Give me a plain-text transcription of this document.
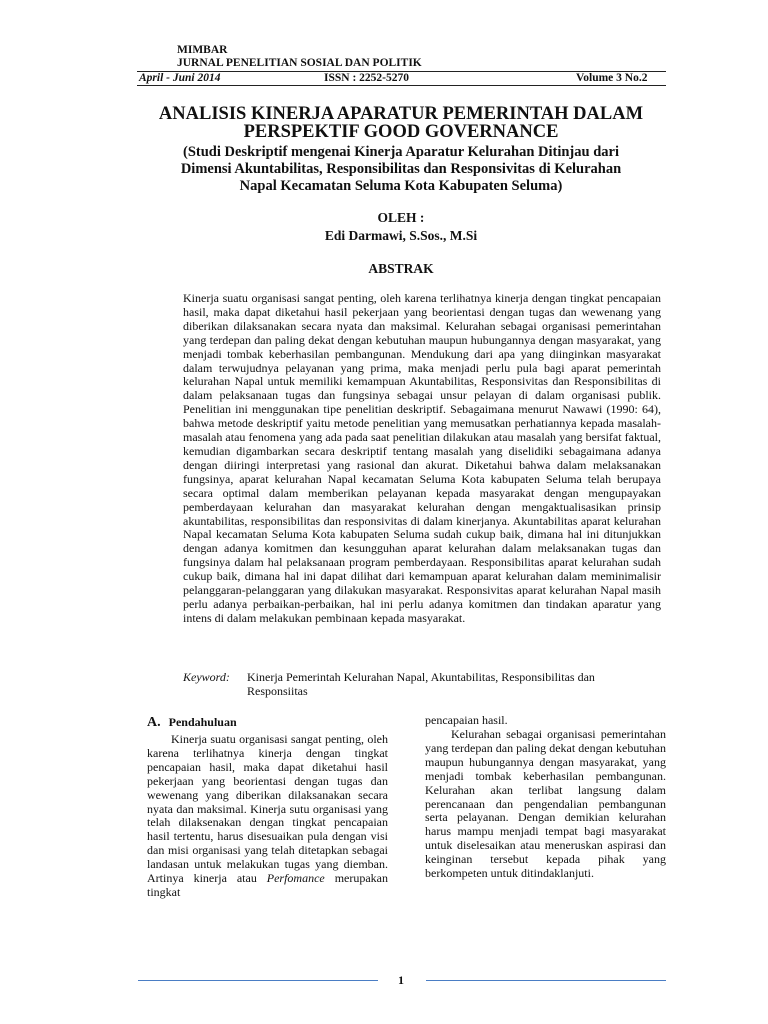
MIMBAR
JURNAL PENELITIAN SOSIAL DAN POLITIK
April - Juni 2014	ISSN : 2252-5270	Volume 3 No.2
ANALISIS KINERJA APARATUR PEMERINTAH DALAM
PERSPEKTIF GOOD GOVERNANCE
(Studi Deskriptif mengenai Kinerja Aparatur Kelurahan Ditinjau dari
Dimensi Akuntabilitas, Responsibilitas dan Responsivitas di Kelurahan
Napal Kecamatan Seluma Kota Kabupaten Seluma)
OLEH :
Edi Darmawi, S.Sos., M.Si
ABSTRAK
Kinerja suatu organisasi sangat penting, oleh karena terlihatnya kinerja dengan tingkat pencapaian hasil, maka dapat diketahui hasil pekerjaan yang beorientasi dengan tugas dan wewenang yang diberikan dilaksanakan secara nyata dan maksimal. Kelurahan sebagai organisasi pemerintahan yang terdepan dan paling dekat dengan kebutuhan maupun hubungannya dengan masyarakat, yang menjadi tombak keberhasilan pembangunan. Mendukung dari apa yang diinginkan masyarakat dalam terwujudnya pelayanan yang prima, maka menjadi perlu pula bagi aparat pemerintah kelurahan Napal untuk memiliki kemampuan Akuntabilitas, Responsivitas dan Responsibilitas di dalam pelaksanaan tugas dan fungsinya sebagai unsur pelayan di dalam organisasi publik. Penelitian ini menggunakan tipe penelitian deskriptif. Sebagaimana menurut Nawawi (1990: 64), bahwa metode deskriptif yaitu metode penelitian yang memusatkan perhatiannya kepada masalah-masalah atau fenomena yang ada pada saat penelitian dilakukan atau masalah yang bersifat faktual, kemudian digambarkan secara deskriptif tentang masalah yang diselidiki sebagaimana adanya dengan diiringi interpretasi yang rasional dan akurat. Diketahui bahwa dalam melaksanakan fungsinya, aparat kelurahan Napal kecamatan Seluma Kota kabupaten Seluma telah berupaya secara optimal dalam memberikan pelayanan kepada masyarakat dengan mengupayakan pemberdayaan kelurahan dan masyarakat kelurahan dengan mengaktualisasikan prinsip akuntabilitas, responsibilitas dan responsivitas di dalam kinerjanya. Akuntabilitas aparat kelurahan Napal kecamatan Seluma Kota kabupaten Seluma sudah cukup baik, dimana hal ini ditunjukkan dengan adanya komitmen dan kesungguhan aparat kelurahan dalam melaksanakan tugas dan fungsinya dalam hal pelaksanaan program pemberdayaan. Responsibilitas aparat kelurahan sudah cukup baik, dimana hal ini dapat dilihat dari kemampuan aparat kelurahan dalam meminimalisir pelanggaran-pelanggaran yang dilakukan masyarakat. Responsivitas aparat kelurahan Napal masih perlu adanya perbaikan-perbaikan, hal ini perlu adanya komitmen dan tindakan aparatur yang intens di dalam melakukan pembinaan kepada masyarakat.
Keyword: Kinerja Pemerintah Kelurahan Napal, Akuntabilitas, Responsibilitas dan
Responsiitas
A. Pendahuluan
Kinerja suatu organisasi sangat penting, oleh karena terlihatnya kinerja dengan tingkat pencapaian hasil, maka dapat diketahui hasil pekerjaan yang beorientasi dengan tugas dan wewenang yang diberikan dilaksanakan secara nyata dan maksimal. Kinerja sutu organisasi yang telah dilaksenakan dengan tingkat pencapaian hasil tertentu, harus disesuaikan pula dengan visi dan misi organisasi yang telah ditetapkan sebagai landasan untuk melakukan tugas yang diemban. Artinya kinerja atau Perfomance merupakan tingkat
pencapaian hasil.
Kelurahan sebagai organisasi pemerintahan yang terdepan dan paling dekat dengan kebutuhan maupun hubungannya dengan masyarakat, yang menjadi tombak keberhasilan pembangunan. Kelurahan akan terlibat langsung dalam perencanaan dan pengendalian pembangunan serta pelayanan. Dengan demikian kelurahan harus mampu menjadi tempat bagi masyarakat untuk diselesaikan atau meneruskan aspirasi dan keinginan tersebut kepada pihak yang berkompeten untuk ditindaklanjuti.
1
